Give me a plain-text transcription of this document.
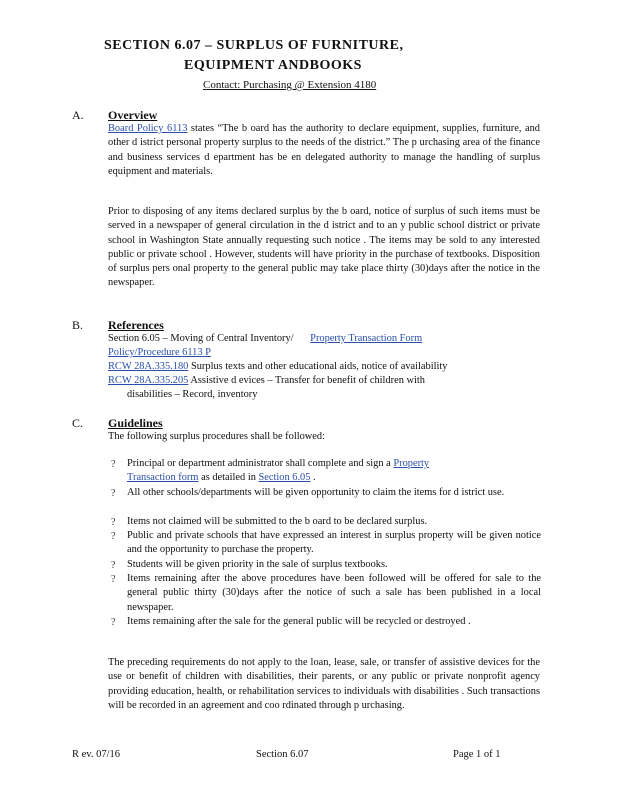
SECTION 6.07 – SURPLUS OF FURNITURE,
EQUIPMENT ANDBOOKS
Contact: Purchasing @ Extension 4180
A. Overview
Board Policy 6113 states “The b oard has the authority to declare equipment, supplies, furniture, and other d istrict personal property surplus to the needs of the district.” The p urchasing area of the finance and business services d epartment has be en delegated authority to manage the handling of surplus equipment and materials.
Prior to disposing of any items declared surplus by the b oard, notice of surplus of such items must be served in a newspaper of general circulation in the d istrict and to an y public school district or private school in Washington State annually requesting such notice . The items may be sold to any interested public or private school . However, students will have priority in the purchase of textbooks. Disposition of surplus pers onal property to the general public may take place thirty (30)days after the notice in the newspaper.
B. References
Section 6.05 – Moving of Central Inventory/ Property Transaction Form
Policy/Procedure 6113 P
RCW 28A.335.180 Surplus texts and other educational aids, notice of availability
RCW 28A.335.205 Assistive d evices – Transfer for benefit of children with
disabilities – Record, inventory
C. Guidelines
The following surplus procedures shall be followed:
? Principal or department administrator shall complete and sign a Property
Transaction form as detailed in Section 6.05 .
? All other schools/departments will be given opportunity to claim the items for d istrict use.
? Items not claimed will be submitted to the b oard to be declared surplus.
? Public and private schools that have expressed an interest in surplus property will be given notice and the opportunity to purchase the property.
? Students will be given priority in the sale of surplus textbooks.
? Items remaining after the above procedures have been followed will be offered for sale to the general public thirty (30)days after the notice of such a sale has been published in a local newspaper.
? Items remaining after the sale for the general public will be recycled or destroyed .
The preceding requirements do not apply to the loan, lease, sale, or transfer of assistive devices for the use or benefit of children with disabilities, their parents, or any public or private nonprofit agency providing education, health, or rehabilitation services to individuals with disabilities . Such transactions will be recorded in an agreement and coo rdinated through p urchasing.
R ev. 07/16	Section 6.07	Page 1 of 1
